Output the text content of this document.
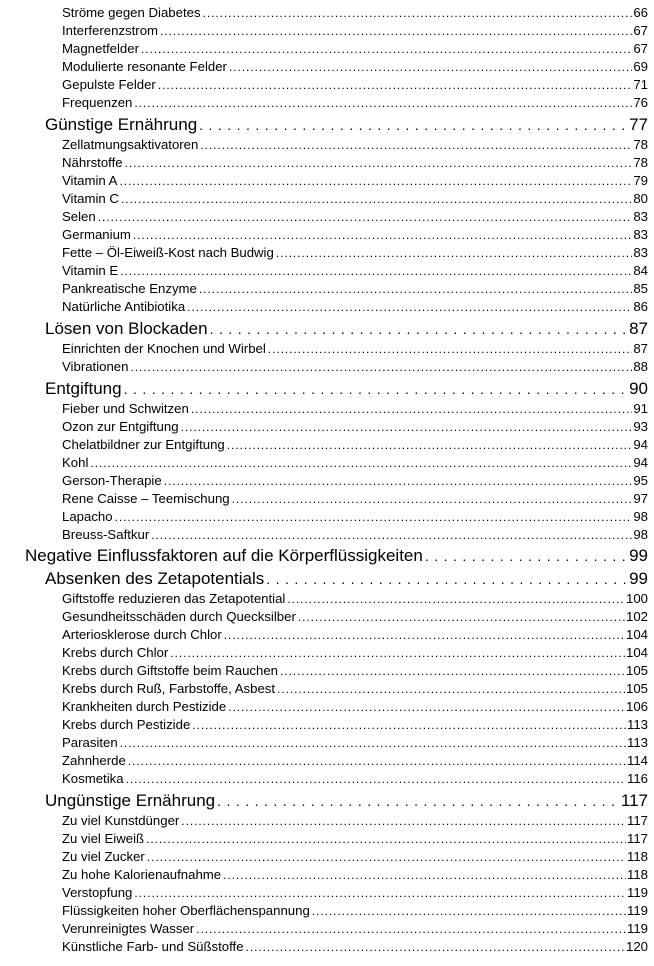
Ströme gegen Diabetes . . .	66
Interferenzstrom . . .	67
Magnetfelder . . .	67
Modulierte resonante Felder . . .	69
Gepulste Felder . . .	71
Frequenzen . . .	76
Günstige Ernährung . . .	77
Zellatmungsaktivatoren . . .	78
Nährstoffe . . .	78
Vitamin A . . .	79
Vitamin C . . .	80
Selen . . .	83
Germanium . . .	83
Fette – Öl-Eiweiß-Kost nach Budwig . . .	83
Vitamin E . . .	84
Pankreatische Enzyme . . .	85
Natürliche Antibiotika . . .	86
Lösen von Blockaden . . .	87
Einrichten der Knochen und Wirbel . . .	87
Vibrationen . . .	88
Entgiftung . . .	90
Fieber und Schwitzen . . .	91
Ozon zur Entgiftung . . .	93
Chelatbildner zur Entgiftung . . .	94
Kohl . . .	94
Gerson-Therapie . . .	95
Rene Caisse – Teemischung . . .	97
Lapacho . . .	98
Breuss-Saftkur . . .	98
Negative Einflussfaktoren auf die Körperflüssigkeiten . . .	99
Absenken des Zetapotentials . . .	99
Giftstoffe reduzieren das Zetapotential . . .	100
Gesundheitsschäden durch Quecksilber . . .	102
Arteriosklerose durch Chlor . . .	104
Krebs durch Chlor . . .	104
Krebs durch Giftstoffe beim Rauchen . . .	105
Krebs durch Ruß, Farbstoffe, Asbest . . .	105
Krankheiten durch Pestizide . . .	106
Krebs durch Pestizide . . .	113
Parasiten . . .	113
Zahnherde . . .	114
Kosmetika . . .	116
Ungünstige Ernährung . . .	117
Zu viel Kunstdünger . . .	117
Zu viel Eiweiß . . .	117
Zu viel Zucker . . .	118
Zu hohe Kalorienaufnahme . . .	118
Verstopfung . . .	119
Flüssigkeiten hoher Oberflächenspannung . . .	119
Verunreinigtes Wasser . . .	119
Künstliche Farb- und Süßstoffe . . .	120
